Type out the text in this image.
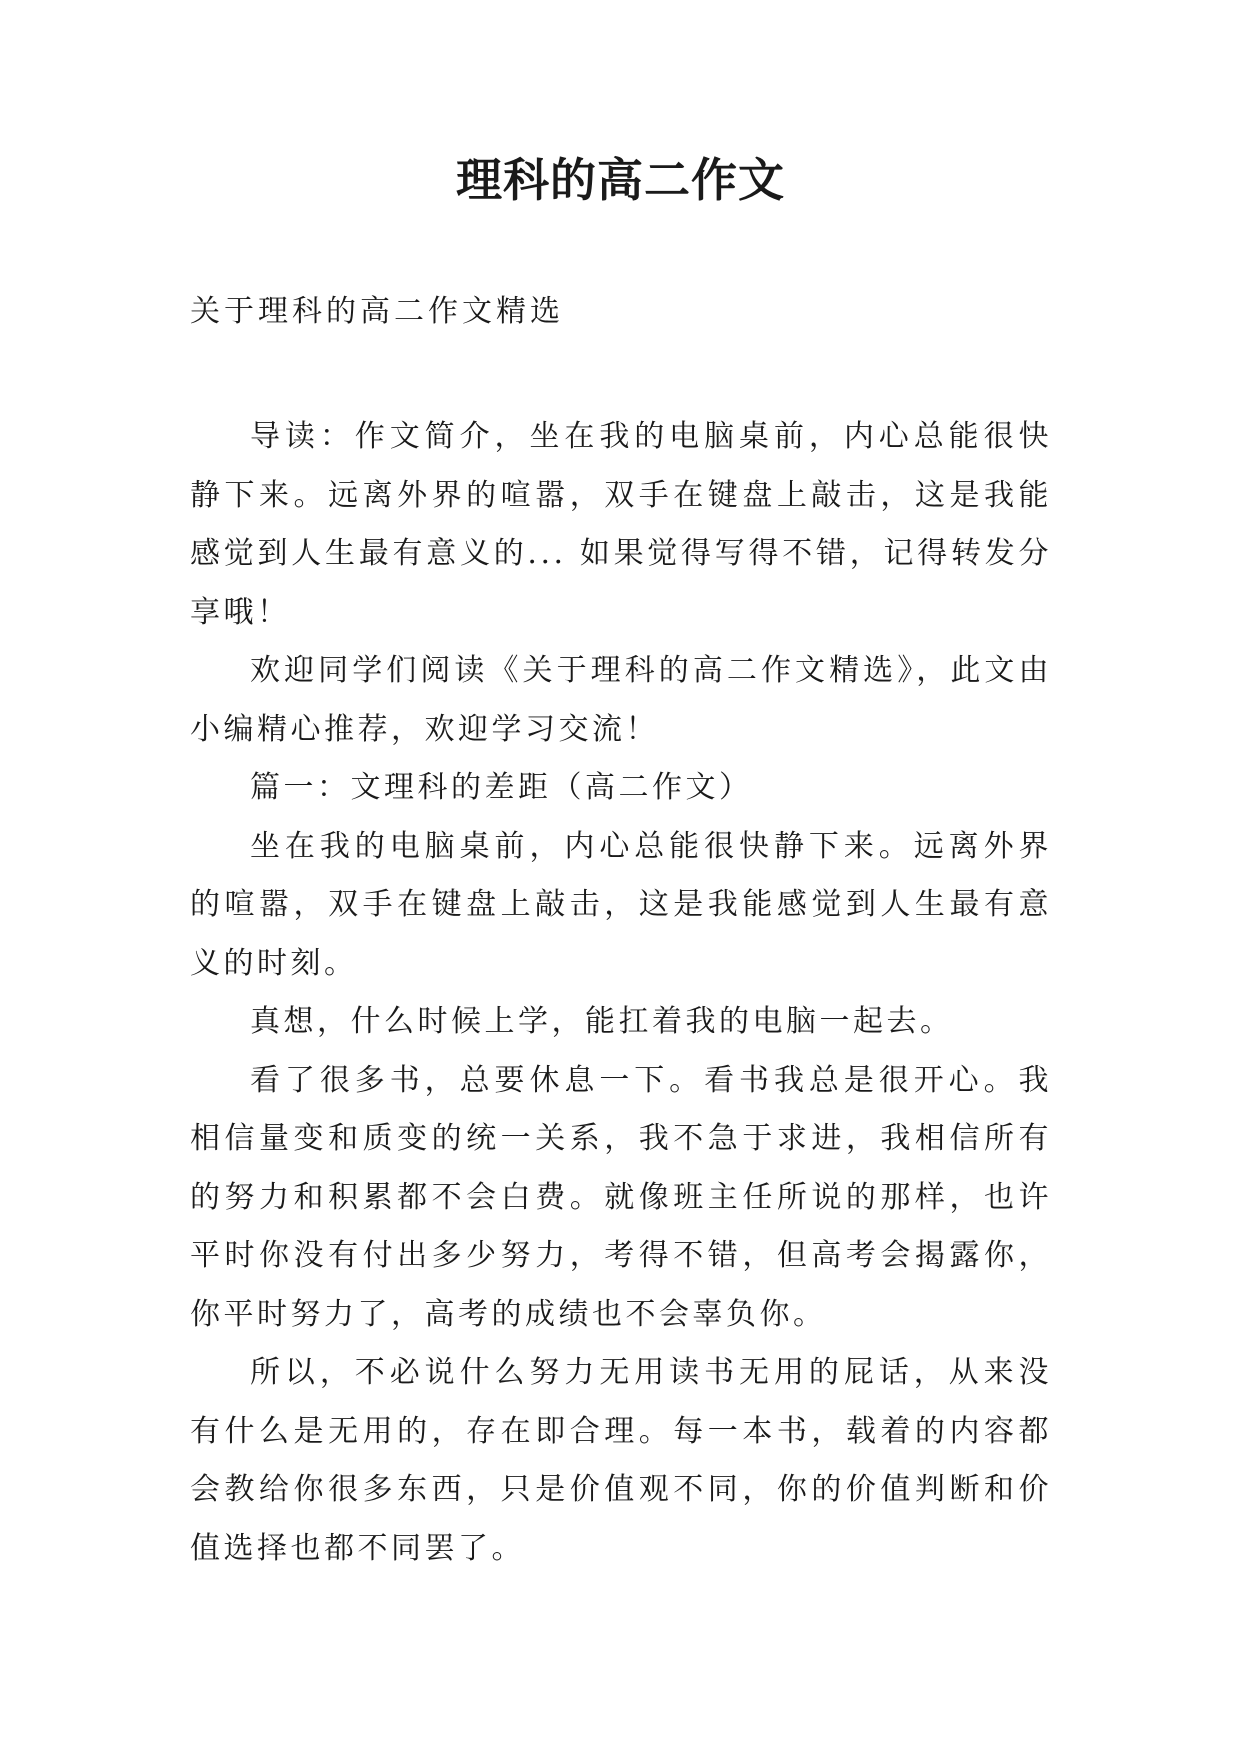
理科的高二作文
关于理科的高二作文精选

导读：作文简介，坐在我的电脑桌前，内心总能很快静下来。远离外界的喧嚣，双手在键盘上敲击，这是我能感觉到人生最有意义的... 如果觉得写得不错，记得转发分享哦！

欢迎同学们阅读《关于理科的高二作文精选》，此文由小编精心推荐，欢迎学习交流！

篇一：文理科的差距（高二作文）

坐在我的电脑桌前，内心总能很快静下来。远离外界的喧嚣，双手在键盘上敲击，这是我能感觉到人生最有意义的时刻。

真想，什么时候上学，能扛着我的电脑一起去。

看了很多书，总要休息一下。看书我总是很开心。我相信量变和质变的统一关系，我不急于求进，我相信所有的努力和积累都不会白费。就像班主任所说的那样，也许平时你没有付出多少努力，考得不错，但高考会揭露你，你平时努力了，高考的成绩也不会辜负你。

所以，不必说什么努力无用读书无用的屁话，从来没有什么是无用的，存在即合理。每一本书，载着的内容都会教给你很多东西，只是价值观不同，你的价值判断和价值选择也都不同罢了。
